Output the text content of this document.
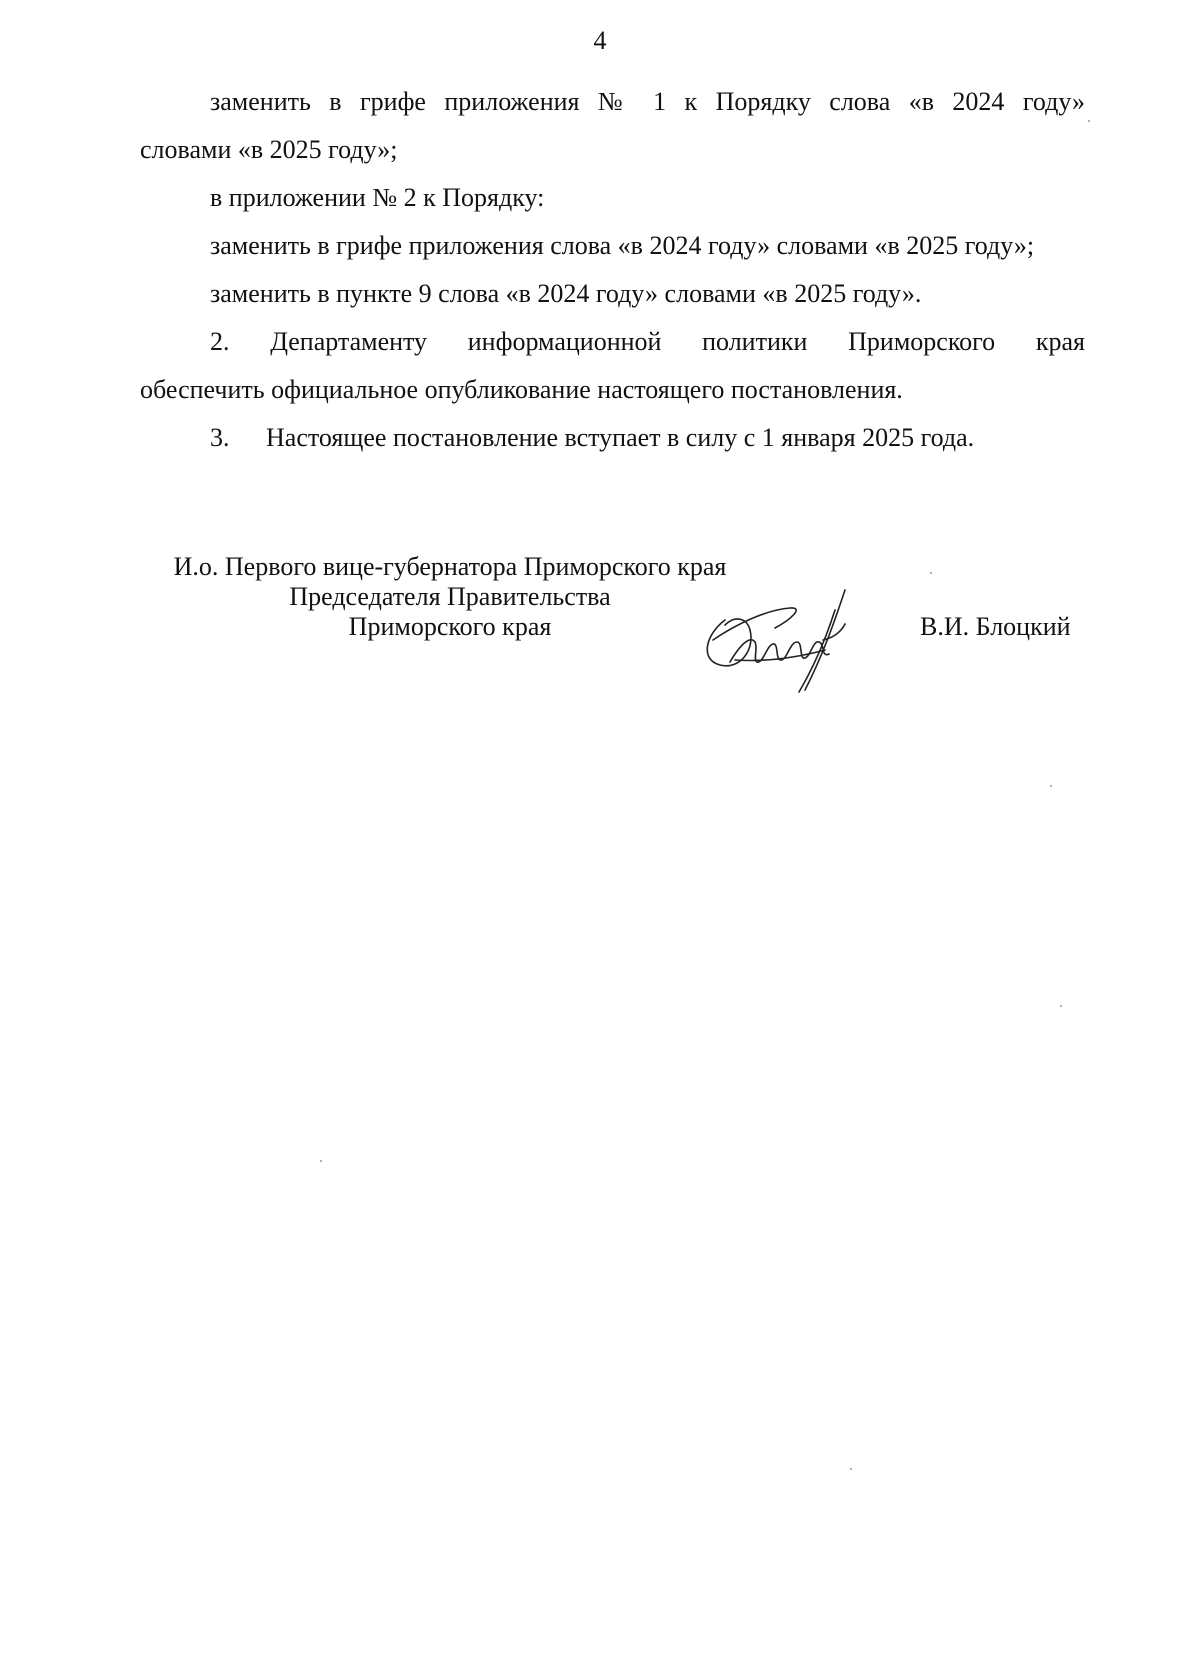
4

заменить в грифе приложения № 1 к Порядку слова «в 2024 году»

словами «в 2025 году»;

в приложении № 2 к Порядку:

заменить в грифе приложения слова «в 2024 году» словами «в 2025 году»;

заменить в пункте 9 слова «в 2024 году» словами «в 2025 году».

2. Департаменту информационной политики Приморского края

обеспечить официальное опубликование настоящего постановления.

3. Настоящее постановление вступает в силу с 1 января 2025 года.
И.о. Первого вице-губернатора Приморского края
Председателя Правительства
Приморского края	В.И. Блоцкий
